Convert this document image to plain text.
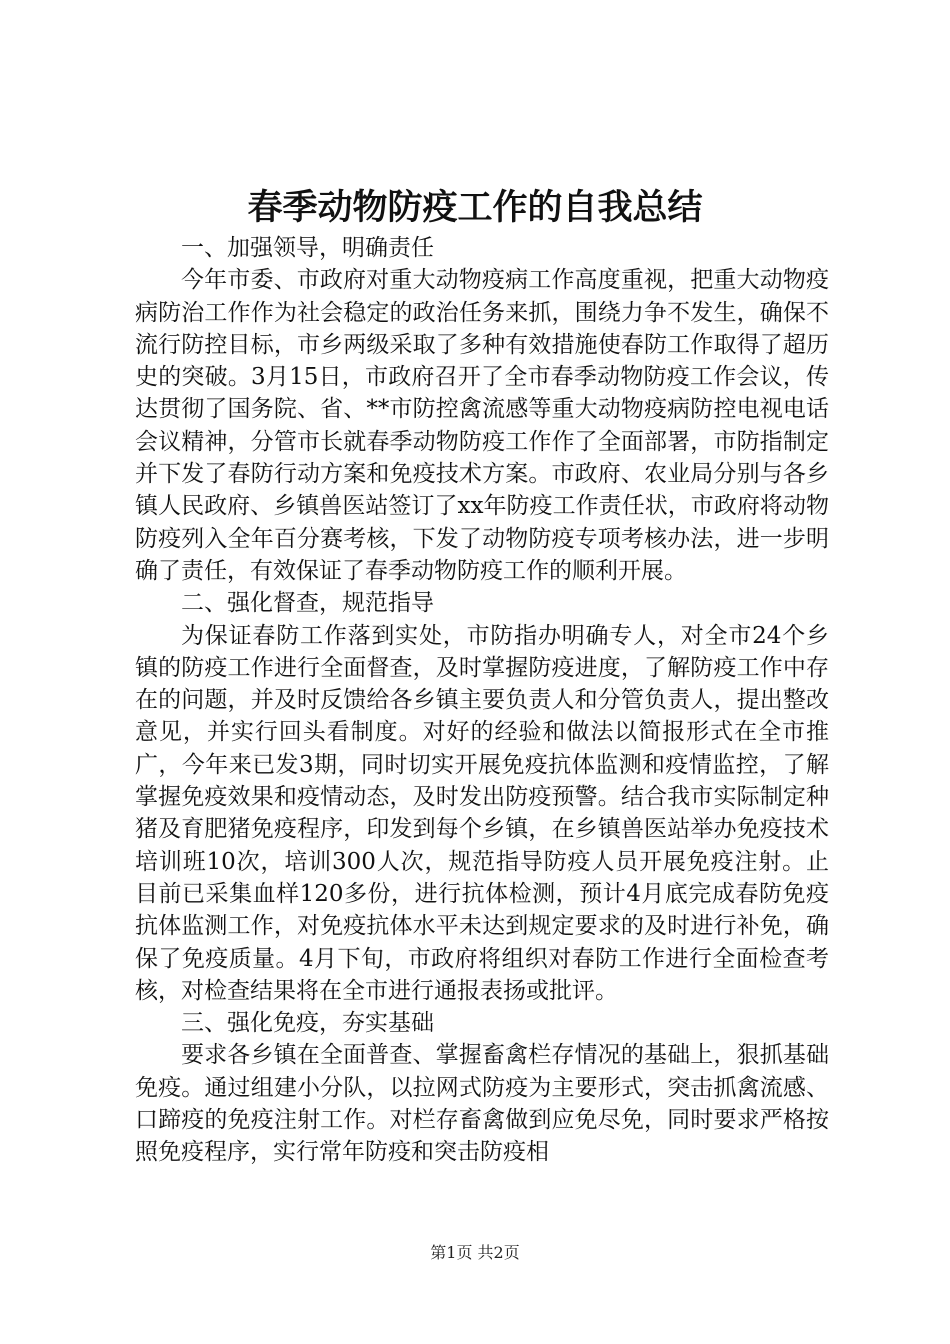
春季动物防疫工作的自我总结

一、加强领导，明确责任

今年市委、市政府对重大动物疫病工作高度重视，把重大动物疫病防治工作作为社会稳定的政治任务来抓，围绕力争不发生，确保不流行防控目标，市乡两级采取了多种有效措施使春防工作取得了超历史的突破。3月15日，市政府召开了全市春季动物防疫工作会议，传达贯彻了国务院、省、**市防控禽流感等重大动物疫病防控电视电话会议精神，分管市长就春季动物防疫工作作了全面部署，市防指制定并下发了春防行动方案和免疫技术方案。市政府、农业局分别与各乡镇人民政府、乡镇兽医站签订了xx年防疫工作责任状，市政府将动物防疫列入全年百分赛考核，下发了动物防疫专项考核办法，进一步明确了责任，有效保证了春季动物防疫工作的顺利开展。

二、强化督查，规范指导

为保证春防工作落到实处，市防指办明确专人，对全市24个乡镇的防疫工作进行全面督查，及时掌握防疫进度，了解防疫工作中存在的问题，并及时反馈给各乡镇主要负责人和分管负责人，提出整改意见，并实行回头看制度。对好的经验和做法以简报形式在全市推广，今年来已发3期，同时切实开展免疫抗体监测和疫情监控，了解掌握免疫效果和疫情动态，及时发出防疫预警。结合我市实际制定种猪及育肥猪免疫程序，印发到每个乡镇，在乡镇兽医站举办免疫技术培训班10次，培训300人次，规范指导防疫人员开展免疫注射。止目前已采集血样120多份，进行抗体检测，预计4月底完成春防免疫抗体监测工作，对免疫抗体水平未达到规定要求的及时进行补免，确保了免疫质量。4月下旬，市政府将组织对春防工作进行全面检查考核，对检查结果将在全市进行通报表扬或批评。

三、强化免疫，夯实基础

要求各乡镇在全面普查、掌握畜禽栏存情况的基础上，狠抓基础免疫。通过组建小分队，以拉网式防疫为主要形式，突击抓禽流感、口蹄疫的免疫注射工作。对栏存畜禽做到应免尽免，同时要求严格按照免疫程序，实行常年防疫和突击防疫相

第1页 共2页
